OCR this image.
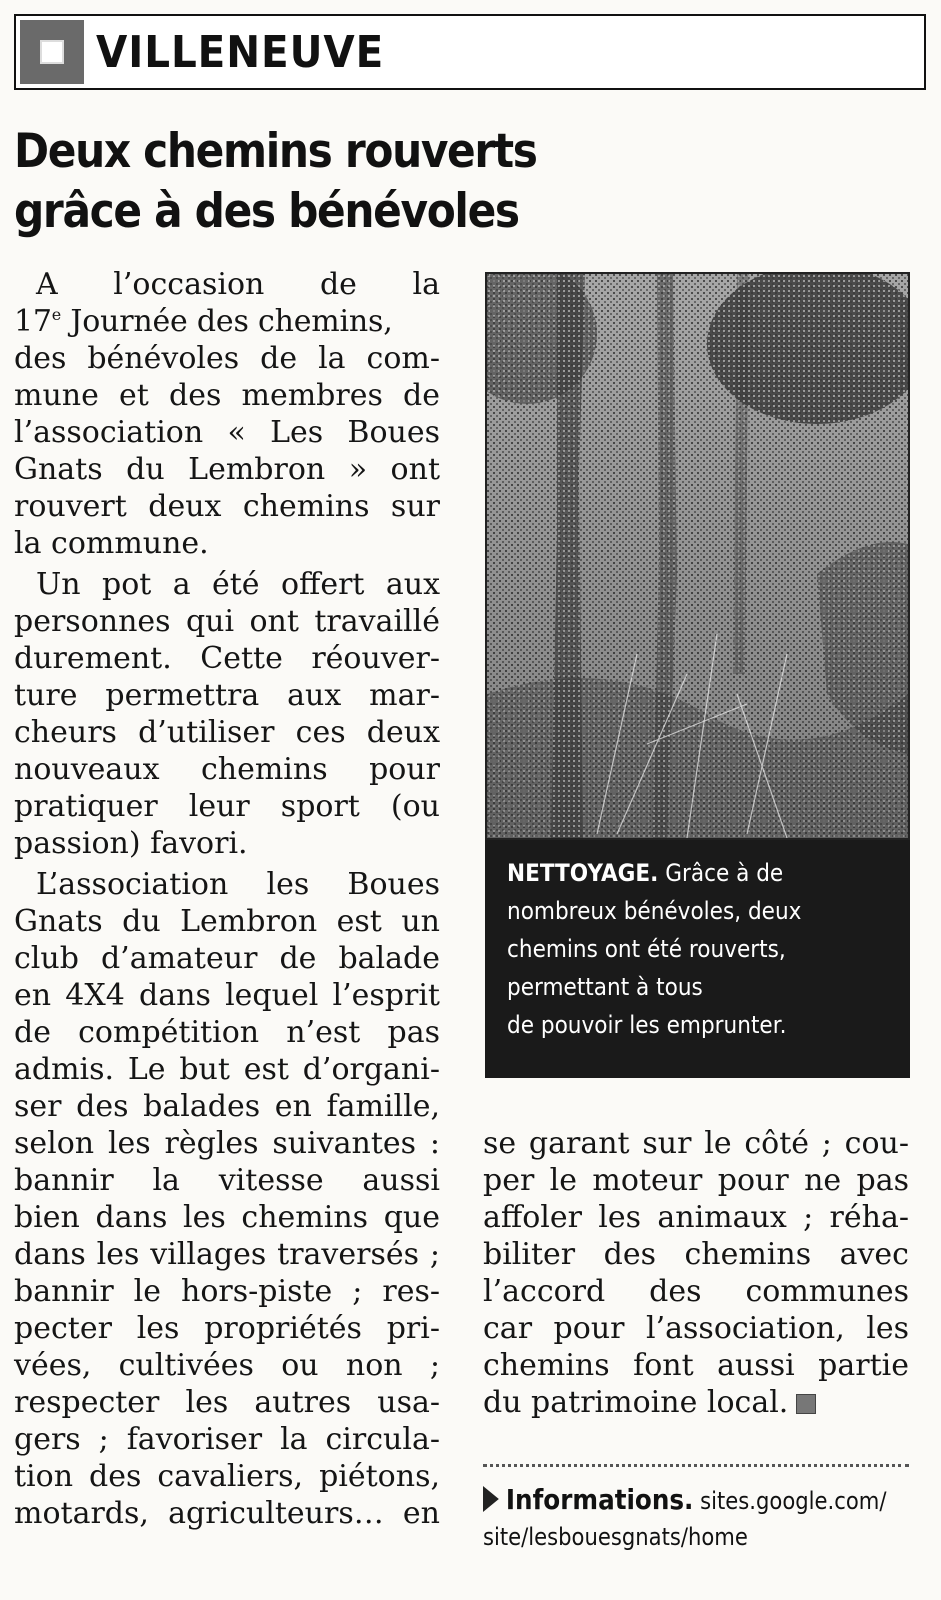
VILLENEUVE
Deux chemins rouverts
grâce à des bénévoles
A l’occasion de la
17e Journée des chemins,
des bénévoles de la com-
mune et des membres de
l’association « Les Boues
Gnats du Lembron » ont
rouvert deux chemins sur
la commune.
Un pot a été offert aux
personnes qui ont travaillé
durement. Cette réouver-
ture permettra aux mar-
cheurs d’utiliser ces deux
nouveaux chemins pour
pratiquer leur sport (ou
passion) favori.
L’association les Boues
Gnats du Lembron est un
club d’amateur de balade
en 4X4 dans lequel l’esprit
de compétition n’est pas
admis. Le but est d’organi-
ser des balades en famille,
selon les règles suivantes :
bannir la vitesse aussi
bien dans les chemins que
dans les villages traversés ;
bannir le hors-piste ; res-
pecter les propriétés pri-
vées, cultivées ou non ;
respecter les autres usa-
gers ; favoriser la circula-
tion des cavaliers, piétons,
motards, agriculteurs… en
NETTOYAGE. Grâce à de
nombreux bénévoles, deux
chemins ont été rouverts,
permettant à tous
de pouvoir les emprunter.
se garant sur le côté ; cou-
per le moteur pour ne pas
affoler les animaux ; réha-
biliter des chemins avec
l’accord des communes
car pour l’association, les
chemins font aussi partie
du patrimoine local.
Informations. sites.google.com/
site/lesbouesgnats/home
